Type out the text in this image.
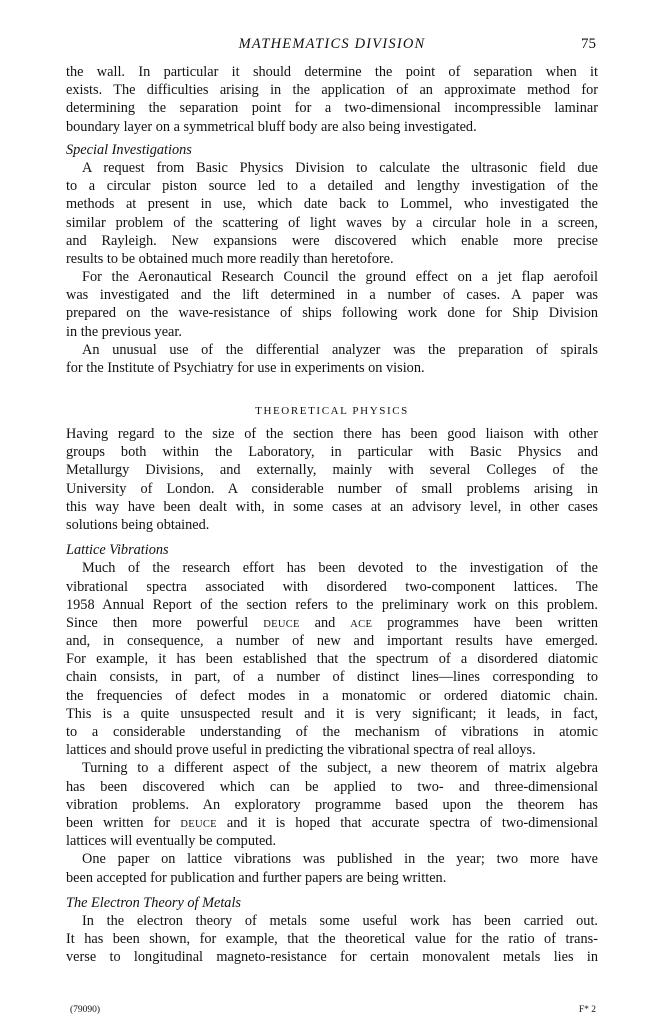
MATHEMATICS DIVISION	75
the wall. In particular it should determine the point of separation when it
exists. The difficulties arising in the application of an approximate method for
determining the separation point for a two-dimensional incompressible laminar
boundary layer on a symmetrical bluff body are also being investigated.
Special Investigations
A request from Basic Physics Division to calculate the ultrasonic field due
to a circular piston source led to a detailed and lengthy investigation of the
methods at present in use, which date back to Lommel, who investigated the
similar problem of the scattering of light waves by a circular hole in a screen,
and Rayleigh. New expansions were discovered which enable more precise
results to be obtained much more readily than heretofore.
For the Aeronautical Research Council the ground effect on a jet flap aerofoil
was investigated and the lift determined in a number of cases. A paper was
prepared on the wave-resistance of ships following work done for Ship Division
in the previous year.
An unusual use of the differential analyzer was the preparation of spirals
for the Institute of Psychiatry for use in experiments on vision.
THEORETICAL PHYSICS
Having regard to the size of the section there has been good liaison with other
groups both within the Laboratory, in particular with Basic Physics and
Metallurgy Divisions, and externally, mainly with several Colleges of the
University of London. A considerable number of small problems arising in
this way have been dealt with, in some cases at an advisory level, in other cases
solutions being obtained.
Lattice Vibrations
Much of the research effort has been devoted to the investigation of the
vibrational spectra associated with disordered two-component lattices. The
1958 Annual Report of the section refers to the preliminary work on this problem.
Since then more powerful DEUCE and ACE programmes have been written
and, in consequence, a number of new and important results have emerged.
For example, it has been established that the spectrum of a disordered diatomic
chain consists, in part, of a number of distinct lines—lines corresponding to
the frequencies of defect modes in a monatomic or ordered diatomic chain.
This is a quite unsuspected result and it is very significant; it leads, in fact,
to a considerable understanding of the mechanism of vibrations in atomic
lattices and should prove useful in predicting the vibrational spectra of real alloys.
Turning to a different aspect of the subject, a new theorem of matrix algebra
has been discovered which can be applied to two- and three-dimensional
vibration problems. An exploratory programme based upon the theorem has
been written for DEUCE and it is hoped that accurate spectra of two-dimensional
lattices will eventually be computed.
One paper on lattice vibrations was published in the year; two more have
been accepted for publication and further papers are being written.
The Electron Theory of Metals
In the electron theory of metals some useful work has been carried out.
It has been shown, for example, that the theoretical value for the ratio of trans-
verse to longitudinal magneto-resistance for certain monovalent metals lies in
(79090)	F* 2
